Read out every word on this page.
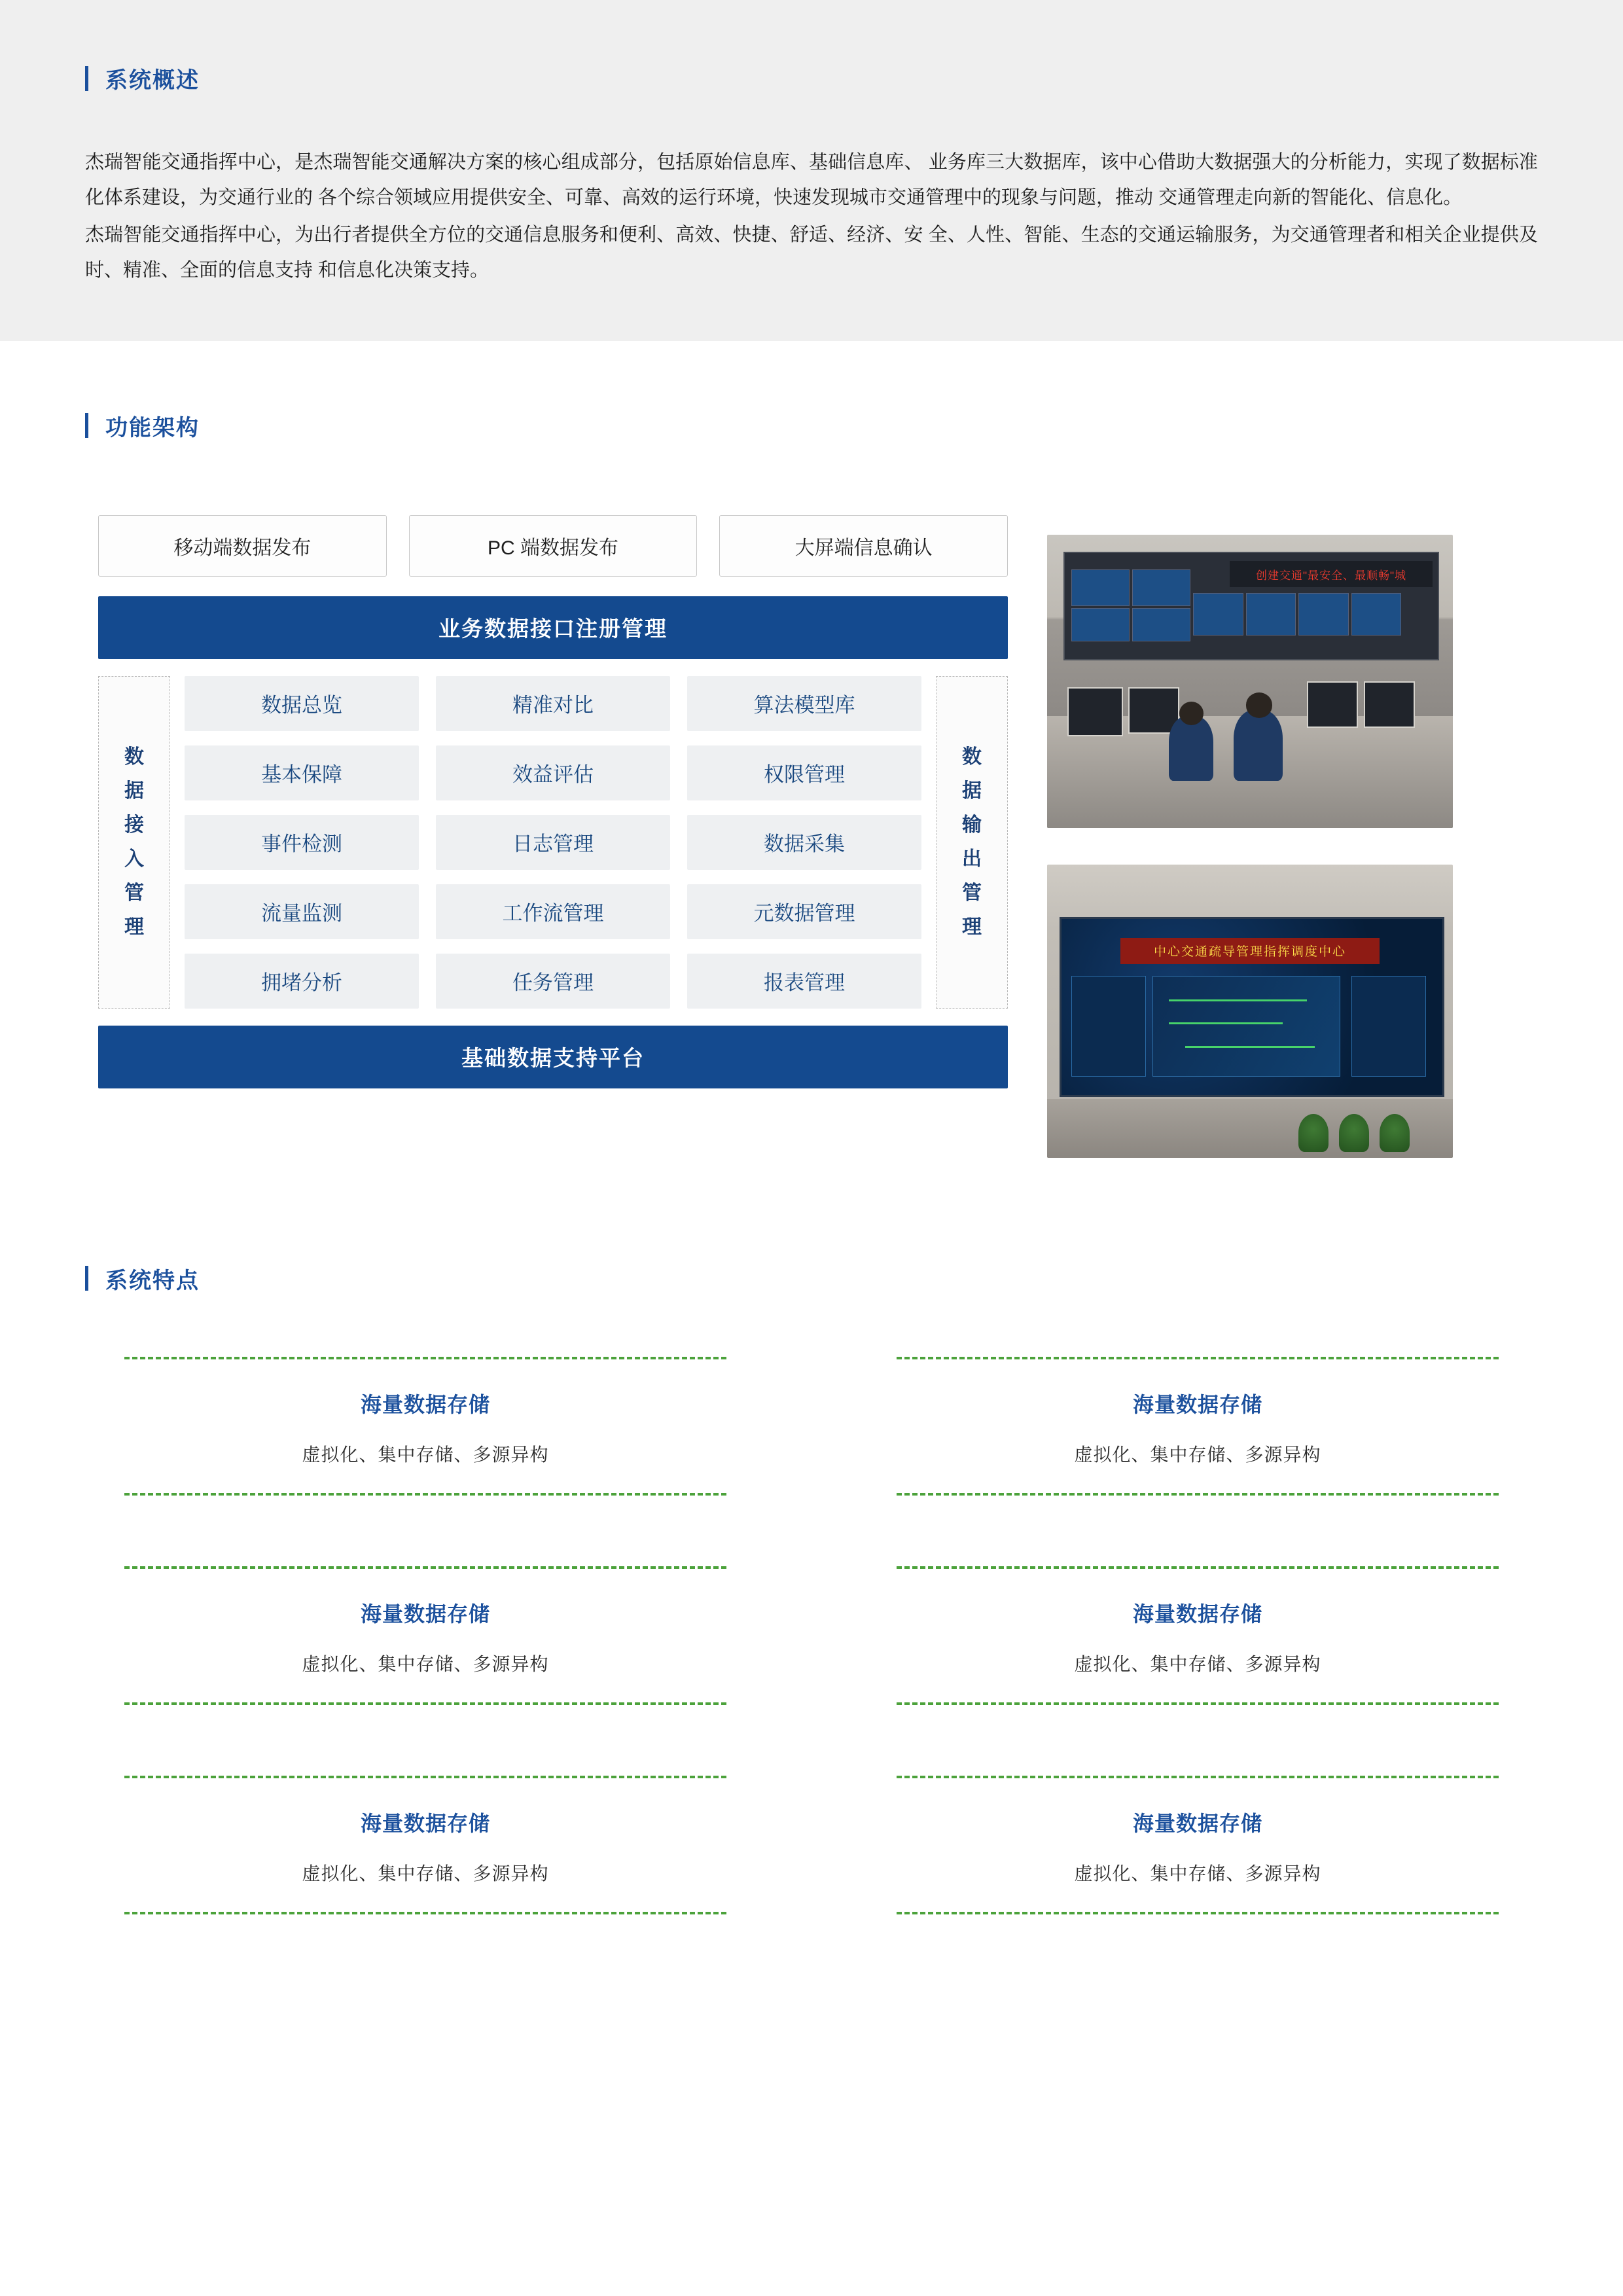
系统概述

杰瑞智能交通指挥中心，是杰瑞智能交通解决方案的核心组成部分，包括原始信息库、基础信息库、 业务库三大数据库，该中心借助大数据强大的分析能力，实现了数据标准化体系建设，为交通行业的 各个综合领域应用提供安全、可靠、高效的运行环境，快速发现城市交通管理中的现象与问题，推动 交通管理走向新的智能化、信息化。

杰瑞智能交通指挥中心，为出行者提供全方位的交通信息服务和便利、高效、快捷、舒适、经济、安 全、人性、智能、生态的交通运输服务，为交通管理者和相关企业提供及时、精准、全面的信息支持 和信息化决策支持。

功能架构
移动端数据发布	PC 端数据发布	大屏端信息确认
业务数据接口注册管理
数
据
接
入
管
理
数据总览	精准对比	算法模型库
基本保障	效益评估	权限管理
事件检测	日志管理	数据采集
流量监测	工作流管理	元数据管理
拥堵分析	任务管理	报表管理
数
据
输
出
管
理
基础数据支持平台
创建交通"最安全、最顺畅"城
中心交通疏导管理指挥调度中心
系统特点
海量数据存储
虚拟化、集中存储、多源异构
海量数据存储
虚拟化、集中存储、多源异构
海量数据存储
虚拟化、集中存储、多源异构
海量数据存储
虚拟化、集中存储、多源异构
海量数据存储
虚拟化、集中存储、多源异构
海量数据存储
虚拟化、集中存储、多源异构
